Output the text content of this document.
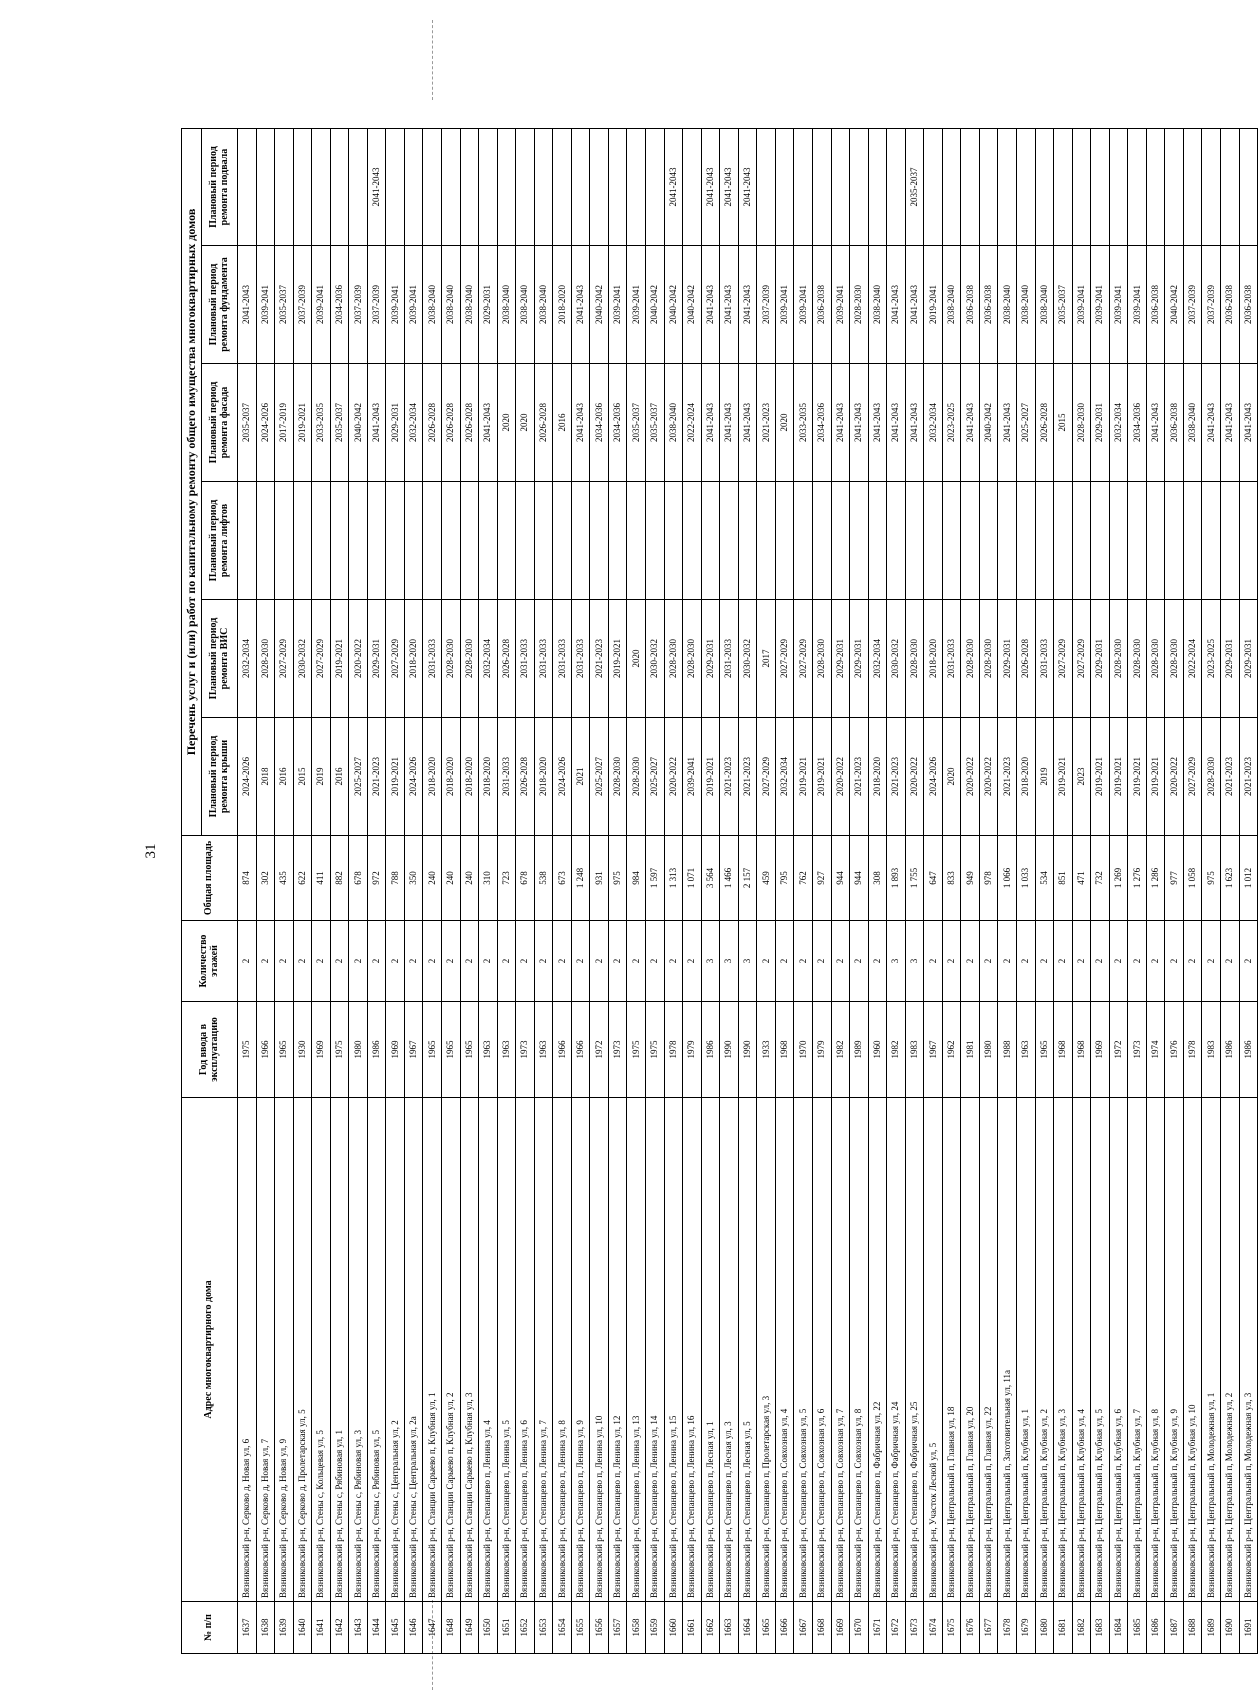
31
№ п/п	Адрес многоквартирного дома	Год ввода в эксплуатацию	Количество этажей	Общая площадь	Перечень услуг и (или) работ по капитальному ремонту общего имущества многоквартирных домов					
					Плановый период ремонта крыши	Плановый период ремонта ВИС	Плановый период ремонта лифтов	Плановый период ремонта фасада	Плановый период ремонта фундамента	Плановый период ремонта подвала
1637	Вязниковский р-н, Серково д, Новая ул, 6	1975	2	874	2024-2026	2032-2034		2035-2037	2041-2043	
1638	Вязниковский р-н, Серково д, Новая ул, 7	1966	2	302	2018	2028-2030		2024-2026	2039-2041	
1639	Вязниковский р-н, Серково д, Новая ул, 9	1965	2	435	2016	2027-2029		2017-2019	2035-2037	
1640	Вязниковский р-н, Серково д, Пролетарская ул, 5	1930	2	622	2015	2030-2032		2019-2021	2037-2039	
1641	Вязниковский р-н, Стены с, Кольцевая ул, 5	1969	2	411	2019	2027-2029		2033-2035	2039-2041	
1642	Вязниковский р-н, Стены с, Рябиновая ул, 1	1975	2	882	2016	2019-2021		2035-2037	2034-2036	
1643	Вязниковский р-н, Стены с, Рябиновая ул, 3	1980	2	678	2025-2027	2020-2022		2040-2042	2037-2039	
1644	Вязниковский р-н, Стены с, Рябиновая ул, 5	1986	2	972	2021-2023	2029-2031		2041-2043	2037-2039	2041-2043
1645	Вязниковский р-н, Стены с, Центральная ул, 2	1969	2	788	2019-2021	2027-2029		2029-2031	2039-2041	
1646	Вязниковский р-н, Стены с, Центральная ул, 2а	1967	2	350	2024-2026	2018-2020		2032-2034	2039-2041	
1647	Вязниковский р-н, Станции Сарыево п, Клубная ул, 1	1965	2	240	2018-2020	2031-2033		2026-2028	2038-2040	
1648	Вязниковский р-н, Станции Сарыево п, Клубная ул, 2	1965	2	240	2018-2020	2028-2030		2026-2028	2038-2040	
1649	Вязниковский р-н, Станции Сарыево п, Клубная ул, 3	1965	2	240	2018-2020	2028-2030		2026-2028	2038-2040	
1650	Вязниковский р-н, Степанцево п, Ленина ул, 4	1963	2	310	2018-2020	2032-2034		2041-2043	2029-2031	
1651	Вязниковский р-н, Степанцево п, Ленина ул, 5	1963	2	723	2031-2033	2026-2028		2020	2038-2040	
1652	Вязниковский р-н, Степанцево п, Ленина ул, 6	1973	2	678	2026-2028	2031-2033		2020	2038-2040	
1653	Вязниковский р-н, Степанцево п, Ленина ул, 7	1963	2	538	2018-2020	2031-2033		2026-2028	2038-2040	
1654	Вязниковский р-н, Степанцево п, Ленина ул, 8	1966	2	673	2024-2026	2031-2033		2016	2018-2020	
1655	Вязниковский р-н, Степанцево п, Ленина ул, 9	1966	2	1 248	2021	2031-2033		2041-2043	2041-2043	
1656	Вязниковский р-н, Степанцево п, Ленина ул, 10	1972	2	931	2025-2027	2021-2023		2034-2036	2040-2042	
1657	Вязниковский р-н, Степанцево п, Ленина ул, 12	1973	2	975	2028-2030	2019-2021		2034-2036	2039-2041	
1658	Вязниковский р-н, Степанцево п, Ленина ул, 13	1975	2	984	2028-2030	2020		2035-2037	2039-2041	
1659	Вязниковский р-н, Степанцево п, Ленина ул, 14	1975	2	1 597	2025-2027	2030-2032		2035-2037	2040-2042	
1660	Вязниковский р-н, Степанцево п, Ленина ул, 15	1978	2	1 313	2020-2022	2028-2030		2038-2040	2040-2042	2041-2043
1661	Вязниковский р-н, Степанцево п, Ленина ул, 16	1979	2	1 071	2039-2041	2028-2030		2022-2024	2040-2042	
1662	Вязниковский р-н, Степанцево п, Лесная ул, 1	1986	3	3 564	2019-2021	2029-2031		2041-2043	2041-2043	2041-2043
1663	Вязниковский р-н, Степанцево п, Лесная ул, 3	1990	3	1 466	2021-2023	2031-2033		2041-2043	2041-2043	2041-2043
1664	Вязниковский р-н, Степанцево п, Лесная ул, 5	1990	3	2 157	2021-2023	2030-2032		2041-2043	2041-2043	2041-2043
1665	Вязниковский р-н, Степанцево п, Пролетарская ул, 3	1933	2	459	2027-2029	2017		2021-2023	2037-2039	
1666	Вязниковский р-н, Степанцево п, Совхозная ул, 4	1968	2	795	2032-2034	2027-2029		2020	2039-2041	
1667	Вязниковский р-н, Степанцево п, Совхозная ул, 5	1970	2	762	2019-2021	2027-2029		2033-2035	2039-2041	
1668	Вязниковский р-н, Степанцево п, Совхозная ул, 6	1979	2	927	2019-2021	2028-2030		2034-2036	2036-2038	
1669	Вязниковский р-н, Степанцево п, Совхозная ул, 7	1982	2	944	2020-2022	2029-2031		2041-2043	2039-2041	
1670	Вязниковский р-н, Степанцево п, Совхозная ул, 8	1989	2	944	2021-2023	2029-2031		2041-2043	2028-2030	
1671	Вязниковский р-н, Степанцево п, Фабричная ул, 22	1960	2	308	2018-2020	2032-2034		2041-2043	2038-2040	
1672	Вязниковский р-н, Степанцево п, Фабричная ул, 24	1982	3	1 893	2021-2023	2030-2032		2041-2043	2041-2043	
1673	Вязниковский р-н, Степанцево п, Фабричная ул, 25	1983	3	1 755	2020-2022	2028-2030		2041-2043	2041-2043	2035-2037
1674	Вязниковский р-н, Участок Лесной ул, 5	1967	2	647	2024-2026	2018-2020		2032-2034	2019-2041	
1675	Вязниковский р-н, Центральный п, Главная ул, 18	1962	2	833	2020	2031-2033		2023-2025	2038-2040	
1676	Вязниковский р-н, Центральный п, Главная ул, 20	1981	2	949	2020-2022	2028-2030		2041-2043	2036-2038	
1677	Вязниковский р-н, Центральный п, Главная ул, 22	1980	2	978	2020-2022	2028-2030		2040-2042	2036-2038	
1678	Вязниковский р-н, Центральный п, Заготовительная ул, 11а	1988	2	1 066	2021-2023	2029-2031		2041-2043	2038-2040	
1679	Вязниковский р-н, Центральный п, Клубная ул, 1	1963	2	1 033	2018-2020	2026-2028		2025-2027	2038-2040	
1680	Вязниковский р-н, Центральный п, Клубная ул, 2	1965	2	534	2019	2031-2033		2026-2028	2038-2040	
1681	Вязниковский р-н, Центральный п, Клубная ул, 3	1968	2	851	2019-2021	2027-2029		2015	2035-2037	
1682	Вязниковский р-н, Центральный п, Клубная ул, 4	1968	2	471	2023	2027-2029		2028-2030	2039-2041	
1683	Вязниковский р-н, Центральный п, Клубная ул, 5	1969	2	732	2019-2021	2029-2031		2029-2031	2039-2041	
1684	Вязниковский р-н, Центральный п, Клубная ул, 6	1972	2	1 269	2019-2021	2028-2030		2032-2034	2039-2041	
1685	Вязниковский р-н, Центральный п, Клубная ул, 7	1973	2	1 276	2019-2021	2028-2030		2034-2036	2039-2041	
1686	Вязниковский р-н, Центральный п, Клубная ул, 8	1974	2	1 286	2019-2021	2028-2030		2041-2043	2036-2038	
1687	Вязниковский р-н, Центральный п, Клубная ул, 9	1976	2	977	2020-2022	2028-2030		2036-2038	2040-2042	
1688	Вязниковский р-н, Центральный п, Клубная ул, 10	1978	2	1 058	2027-2029	2022-2024		2038-2040	2037-2039	
1689	Вязниковский р-н, Центральный п, Молодежная ул, 1	1983	2	975	2028-2030	2023-2025		2041-2043	2037-2039	
1690	Вязниковский р-н, Центральный п, Молодежная ул, 2	1986	2	1 623	2021-2023	2029-2031		2041-2043	2036-2038	
1691	Вязниковский р-н, Центральный п, Молодежная ул, 3	1986	2	1 012	2021-2023	2029-2031		2041-2043	2036-2038	
